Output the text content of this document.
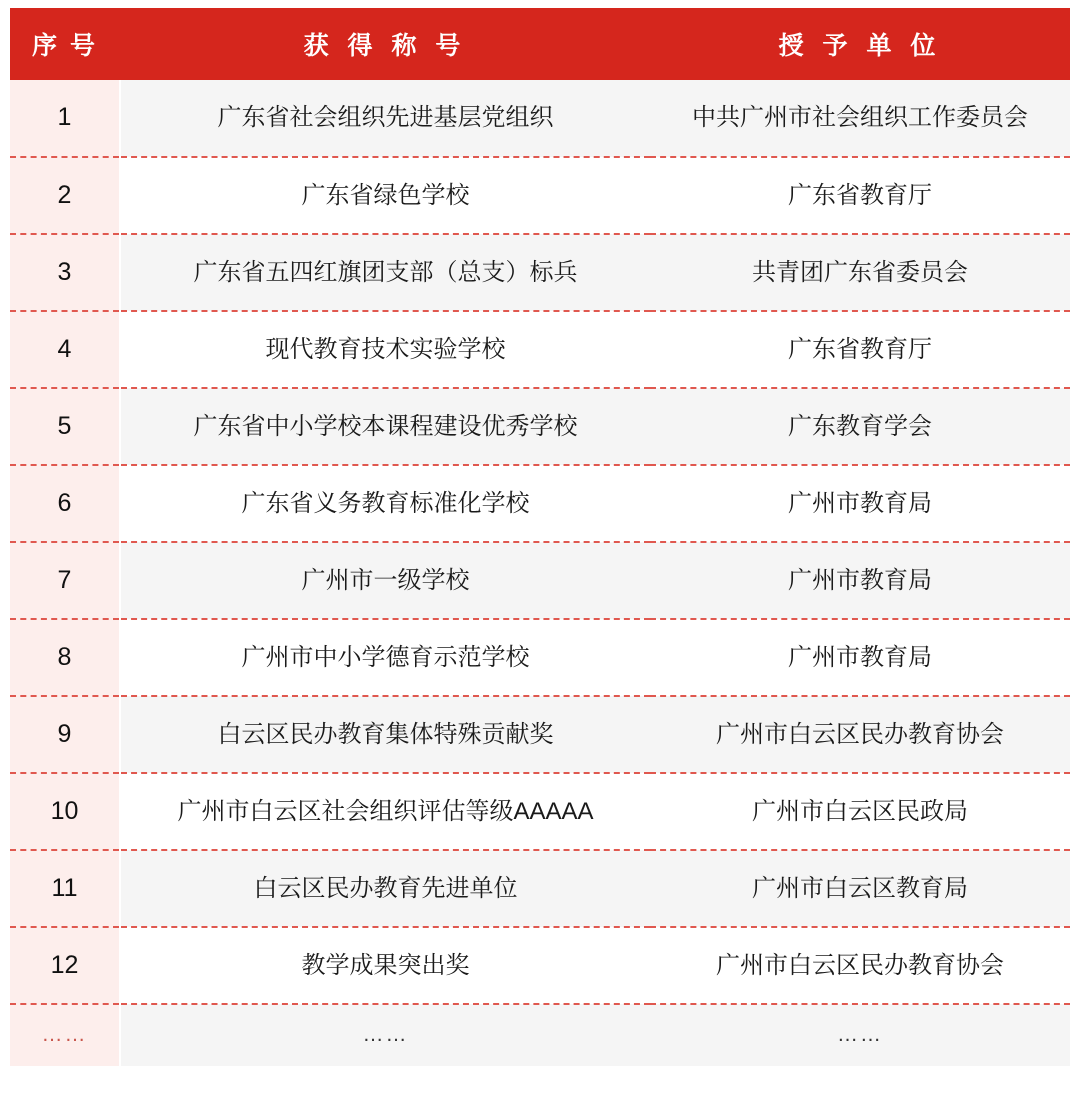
序 号	获 得 称 号	授 予 单 位
1	广东省社会组织先进基层党组织	中共广州市社会组织工作委员会
2	广东省绿色学校	广东省教育厅
3	广东省五四红旗团支部（总支）标兵	共青团广东省委员会
4	现代教育技术实验学校	广东省教育厅
5	广东省中小学校本课程建设优秀学校	广东教育学会
6	广东省义务教育标准化学校	广州市教育局
7	广州市一级学校	广州市教育局
8	广州市中小学德育示范学校	广州市教育局
9	白云区民办教育集体特殊贡献奖	广州市白云区民办教育协会
10	广州市白云区社会组织评估等级AAAAA	广州市白云区民政局
11	白云区民办教育先进单位	广州市白云区教育局
12	教学成果突出奖	广州市白云区民办教育协会
……	……	……
